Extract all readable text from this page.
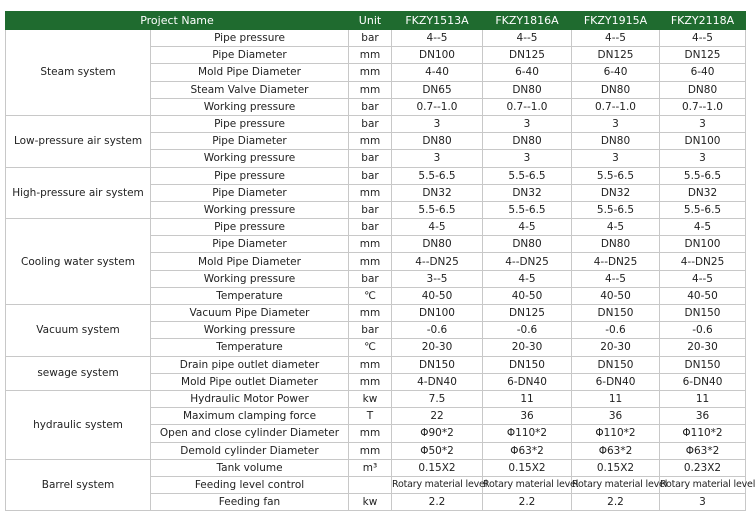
Project Name		Unit	FKZY1513A	FKZY1816A	FKZY1915A	FKZY2118A
Steam system	Pipe pressure	bar	4--5	4--5	4--5	4--5
	Pipe Diameter	mm	DN100	DN125	DN125	DN125
	Mold Pipe Diameter	mm	4-40	6-40	6-40	6-40
	Steam Valve Diameter	mm	DN65	DN80	DN80	DN80
	Working pressure	bar	0.7--1.0	0.7--1.0	0.7--1.0	0.7--1.0
Low-pressure air system	Pipe pressure	bar	3	3	3	3
	Pipe Diameter	mm	DN80	DN80	DN80	DN100
	Working pressure	bar	3	3	3	3
High-pressure air system	Pipe pressure	bar	5.5-6.5	5.5-6.5	5.5-6.5	5.5-6.5
	Pipe Diameter	mm	DN32	DN32	DN32	DN32
	Working pressure	bar	5.5-6.5	5.5-6.5	5.5-6.5	5.5-6.5
Cooling water system	Pipe pressure	bar	4-5	4-5	4-5	4-5
	Pipe Diameter	mm	DN80	DN80	DN80	DN100
	Mold Pipe Diameter	mm	4--DN25	4--DN25	4--DN25	4--DN25
	Working pressure	bar	3--5	4-5	4--5	4--5
	Temperature	℃	40-50	40-50	40-50	40-50
Vacuum system	Vacuum Pipe Diameter	mm	DN100	DN125	DN150	DN150
	Working pressure	bar	-0.6	-0.6	-0.6	-0.6
	Temperature	℃	20-30	20-30	20-30	20-30
sewage system	Drain pipe outlet diameter	mm	DN150	DN150	DN150	DN150
	Mold Pipe outlet Diameter	mm	4-DN40	6-DN40	6-DN40	6-DN40
hydraulic system	Hydraulic Motor Power	kw	7.5	11	11	11
	Maximum clamping force	T	22	36	36	36
	Open and close cylinder Diameter	mm	Φ90*2	Φ110*2	Φ110*2	Φ110*2
	Demold cylinder Diameter	mm	Φ50*2	Φ63*2	Φ63*2	Φ63*2
Barrel system	Tank volume	m³	0.15X2	0.15X2	0.15X2	0.23X2
	Feeding level control		Rotary material level	Rotary material level	Rotary material level	Rotary material level
	Feeding fan	kw	2.2	2.2	2.2	3
